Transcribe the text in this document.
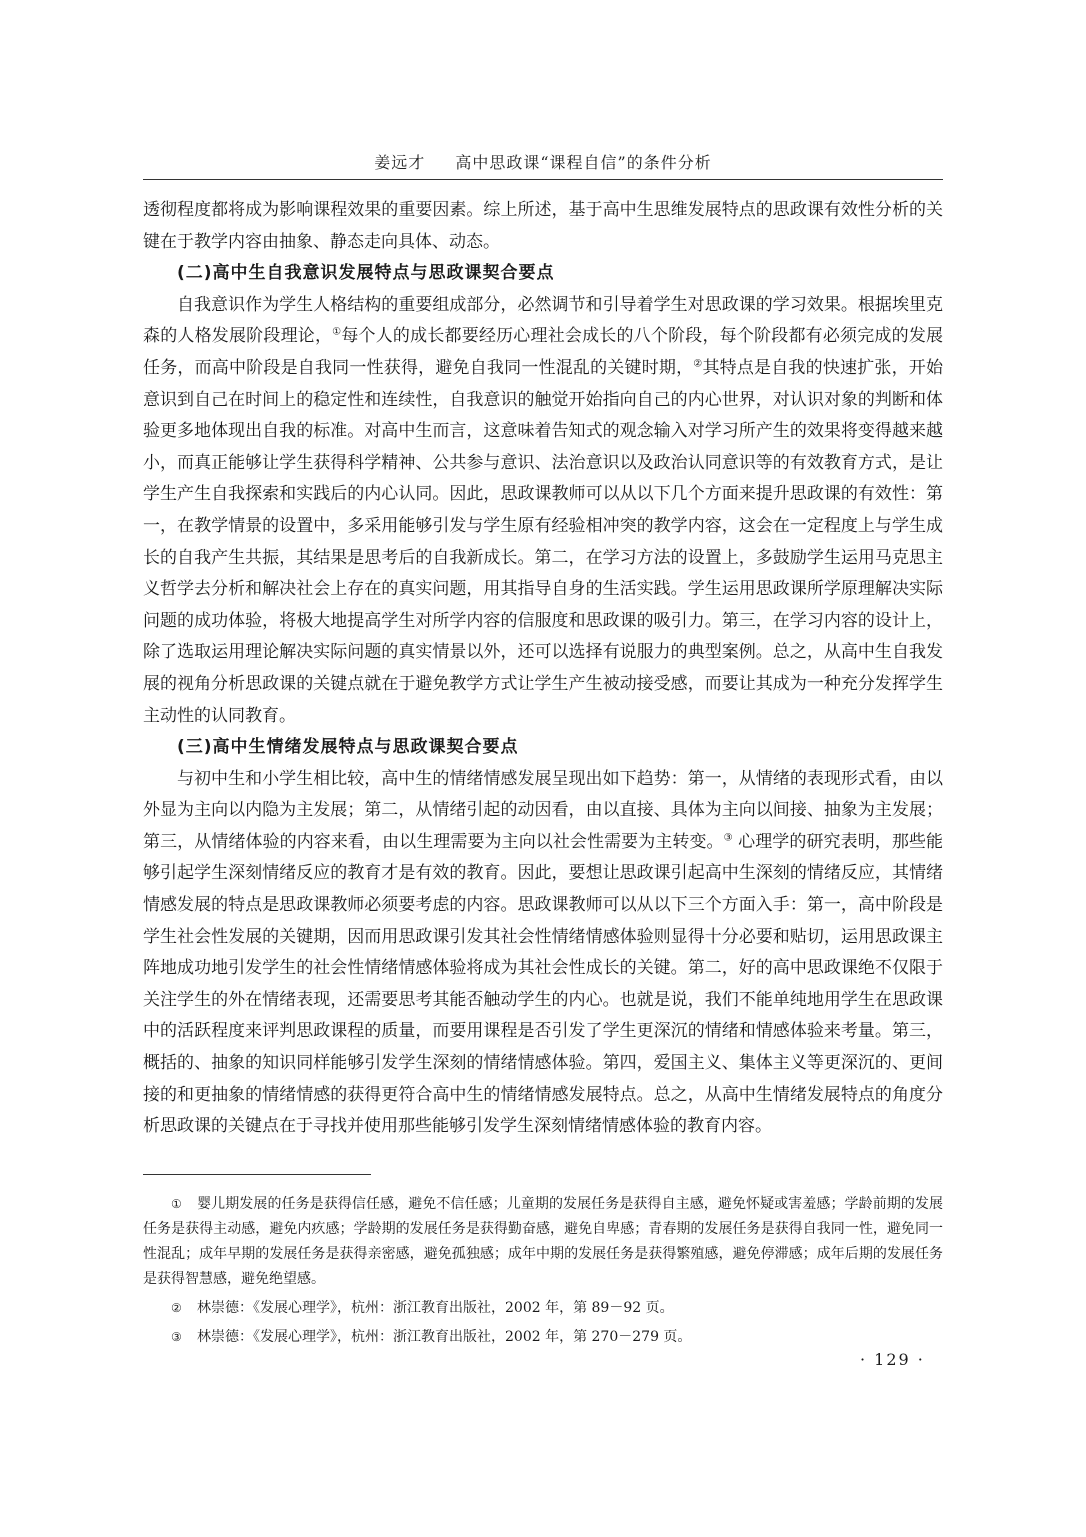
姜远才 高中思政课“课程自信”的条件分析

透彻程度都将成为影响课程效果的重要因素。综上所述，基于高中生思维发展特点的思政课有效性分析的关键在于教学内容由抽象、静态走向具体、动态。

(二)高中生自我意识发展特点与思政课契合要点

自我意识作为学生人格结构的重要组成部分，必然调节和引导着学生对思政课的学习效果。根据埃里克森的人格发展阶段理论，①每个人的成长都要经历心理社会成长的八个阶段，每个阶段都有必须完成的发展任务，而高中阶段是自我同一性获得，避免自我同一性混乱的关键时期，②其特点是自我的快速扩张，开始意识到自己在时间上的稳定性和连续性，自我意识的触觉开始指向自己的内心世界，对认识对象的判断和体验更多地体现出自我的标准。对高中生而言，这意味着告知式的观念输入对学习所产生的效果将变得越来越小，而真正能够让学生获得科学精神、公共参与意识、法治意识以及政治认同意识等的有效教育方式，是让学生产生自我探索和实践后的内心认同。因此，思政课教师可以从以下几个方面来提升思政课的有效性：第一，在教学情景的设置中，多采用能够引发与学生原有经验相冲突的教学内容，这会在一定程度上与学生成长的自我产生共振，其结果是思考后的自我新成长。第二，在学习方法的设置上，多鼓励学生运用马克思主义哲学去分析和解决社会上存在的真实问题，用其指导自身的生活实践。学生运用思政课所学原理解决实际问题的成功体验，将极大地提高学生对所学内容的信服度和思政课的吸引力。第三，在学习内容的设计上，除了选取运用理论解决实际问题的真实情景以外，还可以选择有说服力的典型案例。总之，从高中生自我发展的视角分析思政课的关键点就在于避免教学方式让学生产生被动接受感，而要让其成为一种充分发挥学生主动性的认同教育。

(三)高中生情绪发展特点与思政课契合要点

与初中生和小学生相比较，高中生的情绪情感发展呈现出如下趋势：第一，从情绪的表现形式看，由以外显为主向以内隐为主发展；第二，从情绪引起的动因看，由以直接、具体为主向以间接、抽象为主发展；第三，从情绪体验的内容来看，由以生理需要为主向以社会性需要为主转变。③ 心理学的研究表明，那些能够引起学生深刻情绪反应的教育才是有效的教育。因此，要想让思政课引起高中生深刻的情绪反应，其情绪情感发展的特点是思政课教师必须要考虑的内容。思政课教师可以从以下三个方面入手：第一，高中阶段是学生社会性发展的关键期，因而用思政课引发其社会性情绪情感体验则显得十分必要和贴切，运用思政课主阵地成功地引发学生的社会性情绪情感体验将成为其社会性成长的关键。第二，好的高中思政课绝不仅限于关注学生的外在情绪表现，还需要思考其能否触动学生的内心。也就是说，我们不能单纯地用学生在思政课中的活跃程度来评判思政课程的质量，而要用课程是否引发了学生更深沉的情绪和情感体验来考量。第三，概括的、抽象的知识同样能够引发学生深刻的情绪情感体验。第四，爱国主义、集体主义等更深沉的、更间接的和更抽象的情绪情感的获得更符合高中生的情绪情感发展特点。总之，从高中生情绪发展特点的角度分析思政课的关键点在于寻找并使用那些能够引发学生深刻情绪情感体验的教育内容。

① 婴儿期发展的任务是获得信任感，避免不信任感；儿童期的发展任务是获得自主感，避免怀疑或害羞感；学龄前期的发展任务是获得主动感，避免内疚感；学龄期的发展任务是获得勤奋感，避免自卑感；青春期的发展任务是获得自我同一性，避免同一性混乱；成年早期的发展任务是获得亲密感，避免孤独感；成年中期的发展任务是获得繁殖感，避免停滞感；成年后期的发展任务是获得智慧感，避免绝望感。

② 林崇德：《发展心理学》，杭州：浙江教育出版社，2002 年，第 89－92 页。

③ 林崇德：《发展心理学》，杭州：浙江教育出版社，2002 年，第 270－279 页。

· 129 ·
